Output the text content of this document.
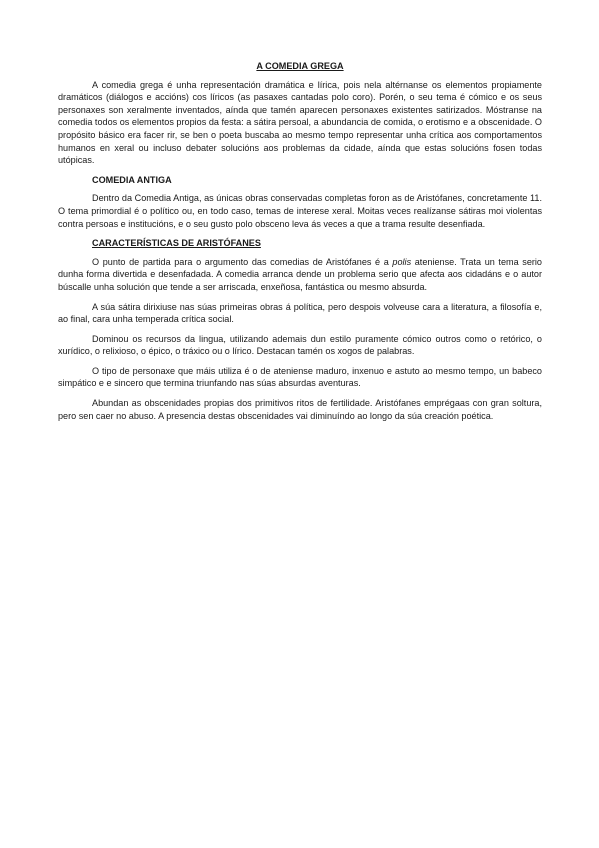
A COMEDIA GREGA

A comedia grega é unha representación dramática e lírica, pois nela altérnanse os elementos propiamente dramáticos (diálogos e accións) cos líricos (as pasaxes cantadas polo coro). Porén, o seu tema é cómico e os seus personaxes son xeralmente inventados, aínda que tamén aparecen personaxes existentes satirizados. Móstranse na comedia todos os elementos propios da festa: a sátira persoal, a abundancia de comida, o erotismo e a obscenidade. O propósito básico era facer rir, se ben o poeta buscaba ao mesmo tempo representar unha crítica aos comportamentos humanos en xeral ou incluso debater solucións aos problemas da cidade, aínda que estas solucións fosen todas utópicas.

COMEDIA ANTIGA

Dentro da Comedia Antiga, as únicas obras conservadas completas foron as de Aristófanes, concretamente 11. O tema primordial é o político ou, en todo caso, temas de interese xeral. Moitas veces realízanse sátiras moi violentas contra persoas e institucións, e o seu gusto polo obsceno leva ás veces a que a trama resulte desenfiada.

CARACTERÍSTICAS DE ARISTÓFANES

O punto de partida para o argumento das comedias de Aristófanes é a polis ateniense. Trata un tema serio dunha forma divertida e desenfadada. A comedia arranca dende un problema serio que afecta aos cidadáns e o autor búscalle unha solución que tende a ser arriscada, enxeñosa, fantástica ou mesmo absurda.

A súa sátira dirixiuse nas súas primeiras obras á política, pero despois volveuse cara a literatura, a filosofía e, ao final, cara unha temperada crítica social.

Dominou os recursos da lingua, utilizando ademais dun estilo puramente cómico outros como o retórico, o xurídico, o relixioso, o épico, o tráxico ou o lírico. Destacan tamén os xogos de palabras.

O tipo de personaxe que máis utiliza é o de ateniense maduro, inxenuo e astuto ao mesmo tempo, un babeco simpático e e sincero que termina triunfando nas súas absurdas aventuras.

Abundan as obscenidades propias dos primitivos ritos de fertilidade. Aristófanes emprégaas con gran soltura, pero sen caer no abuso. A presencia destas obscenidades vai diminuíndo ao longo da súa creación poética.
